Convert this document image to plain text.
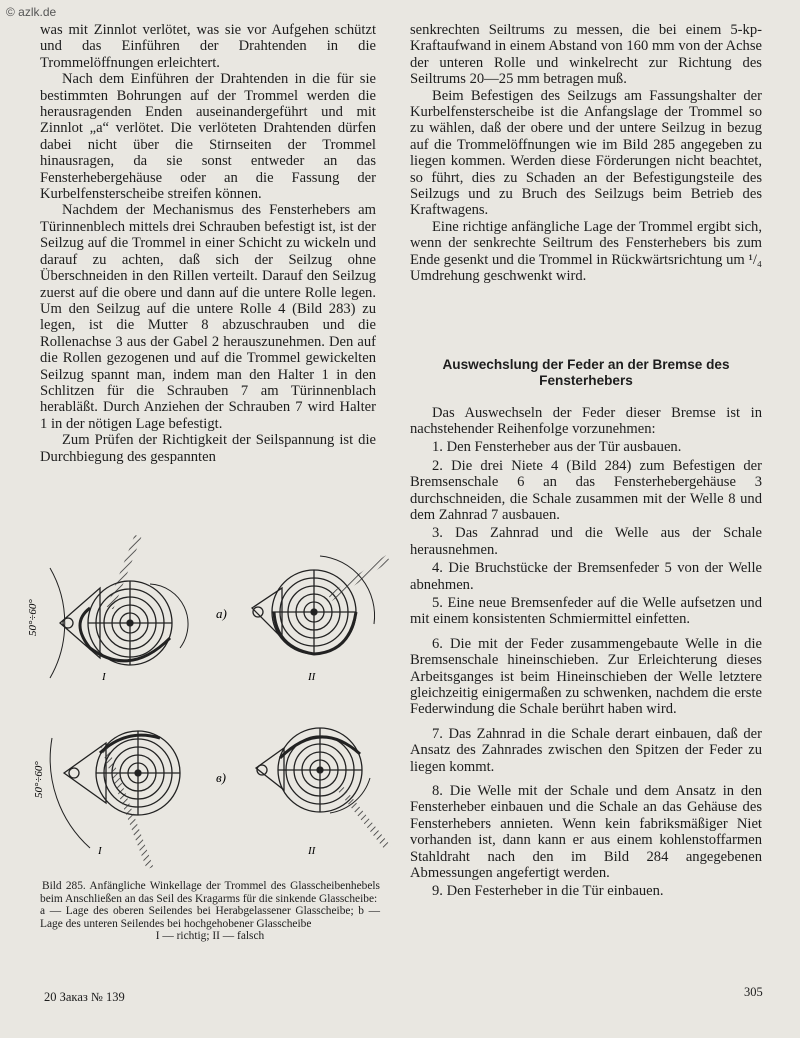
© azlk.de

was mit Zinnlot verlötet, was sie vor Aufgehen schützt und das Einführen der Drahtenden in die Trommelöffnungen erleichtert.

Nach dem Einführen der Drahtenden in die für sie bestimmten Bohrungen auf der Trommel werden die herausragenden Enden auseinandergeführt und mit Zinnlot „a“ verlötet. Die verlöteten Drahtenden dürfen dabei nicht über die Stirnseiten der Trommel hinausragen, da sie sonst entweder an das Fensterhebergehäuse oder an die Fassung der Kurbelfensterscheibe streifen können.

Nachdem der Mechanismus des Fensterhebers am Türinnenblech mittels drei Schrauben befestigt ist, ist der Seilzug auf die Trommel in einer Schicht zu wickeln und darauf zu achten, daß sich der Seilzug ohne Überschneiden in den Rillen verteilt. Darauf den Seilzug zuerst auf die obere und dann auf die untere Rolle legen. Um den Seilzug auf die untere Rolle 4 (Bild 283) zu legen, ist die Mutter 8 abzuschrauben und die Rollenachse 3 aus der Gabel 2 herauszunehmen. Den auf die Rollen gezogenen und auf die Trommel gewickelten Seilzug spannt man, indem man den Halter 1 in den Schlitzen für die Schrauben 7 am Türinnenblach herabläßt. Durch Anziehen der Schrauben 7 wird Halter 1 in der nötigen Lage befestigt.

Zum Prüfen der Richtigkeit der Seilspannung ist die Durchbiegung des gespannten

senkrechten Seiltrums zu messen, die bei einem 5-kp-Kraftaufwand in einem Abstand von 160 mm von der Achse der unteren Rolle und winkelrecht zur Richtung des Seiltrums 20—25 mm betragen muß.

Beim Befestigen des Seilzugs am Fassungshalter der Kurbelfensterscheibe ist die Anfangslage der Trommel so zu wählen, daß der obere und der untere Seilzug in bezug auf die Trommelöffnungen wie im Bild 285 angegeben zu liegen kommen. Werden diese Förderungen nicht beachtet, so führt, dies zu Schaden an der Befestigungsteile des Seilzugs und zu Bruch des Seilzugs beim Betrieb des Kraftwagens.

Eine richtige anfängliche Lage der Trommel ergibt sich, wenn der senkrechte Seiltrum des Fensterhebers bis zum Ende gesenkt und die Trommel in Rückwärtsrichtung um ¹/₄ Umdrehung geschwenkt wird.

Auswechslung der Feder an der Bremse des Fensterhebers

Das Auswechseln der Feder dieser Bremse ist in nachstehender Reihenfolge vorzunehmen:

1. Den Fensterheber aus der Tür ausbauen.

2. Die drei Niete 4 (Bild 284) zum Befestigen der Bremsenschale 6 an das Fensterhebergehäuse 3 durchschneiden, die Schale zusammen mit der Welle 8 und dem Zahnrad 7 ausbauen.

3. Das Zahnrad und die Welle aus der Schale herausnehmen.

4. Die Bruchstücke der Bremsenfeder 5 von der Welle abnehmen.

5. Eine neue Bremsenfeder auf die Welle aufsetzen und mit einem konsistenten Schmiermittel einfetten.

6. Die mit der Feder zusammengebaute Welle in die Bremsenschale hineinschieben. Zur Erleichterung dieses Arbeitsganges ist beim Hineinschieben der Welle letztere gleichzeitig einigermaßen zu schwenken, nachdem die erste Federwindung die Schale berührt haben wird.

7. Das Zahnrad in die Schale derart einbauen, daß der Ansatz des Zahnrades zwischen den Spitzen der Feder zu liegen kommt.

8. Die Welle mit der Schale und dem Ansatz in den Fensterheber einbauen und die Schale an das Gehäuse des Fensterhebers annieten. Wenn kein fabriksmäßiger Niet vorhanden ist, dann kann er aus einem kohlenstoffarmen Stahldraht nach den im Bild 284 angegebenen Abmessungen angefertigt werden.

9. Den Festerheber in die Tür einbauen.

50°÷60°
50°÷60°
a)
в)
I	II
I	II
Bild 285. Anfängliche Winkellage der Trommel des Glasscheibenhebels beim Anschließen an das Seil des Kragarms für die sinkende Glasscheibe:
a — Lage des oberen Seilendes bei Herabgelassener Glasscheibe; b — Lage des unteren Seilendes bei hochgehobener Glasscheibe
I — richtig; II — falsch
20 Заказ № 139	305
